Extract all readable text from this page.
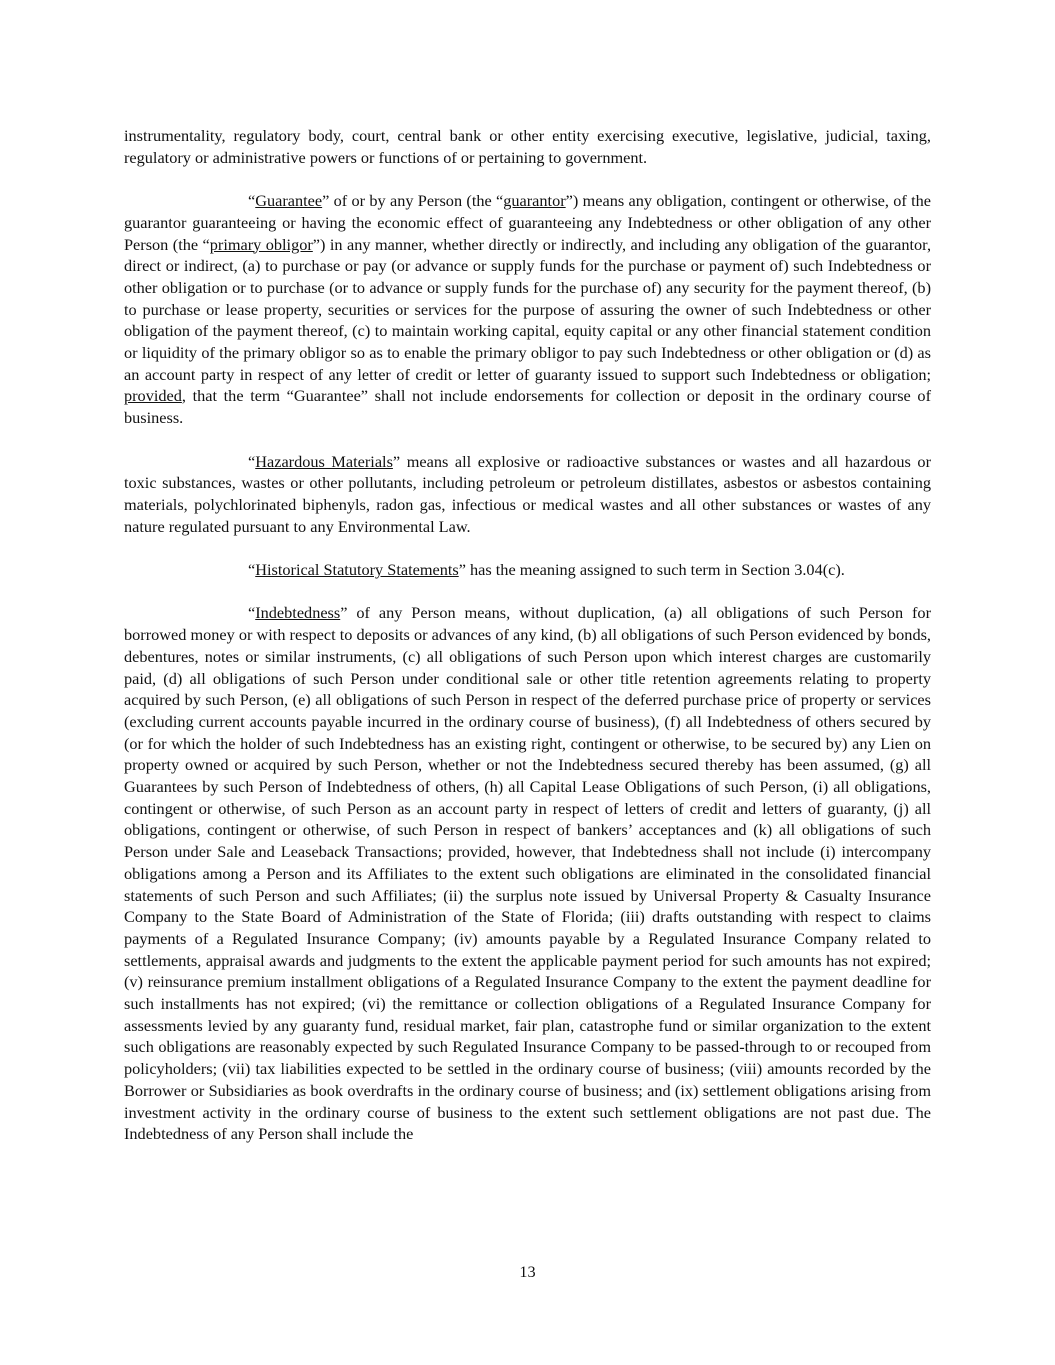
instrumentality, regulatory body, court, central bank or other entity exercising executive, legislative, judicial, taxing, regulatory or administrative powers or functions of or pertaining to government.

“Guarantee” of or by any Person (the “guarantor”) means any obligation, contingent or otherwise, of the guarantor guaranteeing or having the economic effect of guaranteeing any Indebtedness or other obligation of any other Person (the “primary obligor”) in any manner, whether directly or indirectly, and including any obligation of the guarantor, direct or indirect, (a) to purchase or pay (or advance or supply funds for the purchase or payment of) such Indebtedness or other obligation or to purchase (or to advance or supply funds for the purchase of) any security for the payment thereof, (b) to purchase or lease property, securities or services for the purpose of assuring the owner of such Indebtedness or other obligation of the payment thereof, (c) to maintain working capital, equity capital or any other financial statement condition or liquidity of the primary obligor so as to enable the primary obligor to pay such Indebtedness or other obligation or (d) as an account party in respect of any letter of credit or letter of guaranty issued to support such Indebtedness or obligation; provided, that the term “Guarantee” shall not include endorsements for collection or deposit in the ordinary course of business.

“Hazardous Materials” means all explosive or radioactive substances or wastes and all hazardous or toxic substances, wastes or other pollutants, including petroleum or petroleum distillates, asbestos or asbestos containing materials, polychlorinated biphenyls, radon gas, infectious or medical wastes and all other substances or wastes of any nature regulated pursuant to any Environmental Law.

“Historical Statutory Statements” has the meaning assigned to such term in Section 3.04(c).

“Indebtedness” of any Person means, without duplication, (a) all obligations of such Person for borrowed money or with respect to deposits or advances of any kind, (b) all obligations of such Person evidenced by bonds, debentures, notes or similar instruments, (c) all obligations of such Person upon which interest charges are customarily paid, (d) all obligations of such Person under conditional sale or other title retention agreements relating to property acquired by such Person, (e) all obligations of such Person in respect of the deferred purchase price of property or services (excluding current accounts payable incurred in the ordinary course of business), (f) all Indebtedness of others secured by (or for which the holder of such Indebtedness has an existing right, contingent or otherwise, to be secured by) any Lien on property owned or acquired by such Person, whether or not the Indebtedness secured thereby has been assumed, (g) all Guarantees by such Person of Indebtedness of others, (h) all Capital Lease Obligations of such Person, (i) all obligations, contingent or otherwise, of such Person as an account party in respect of letters of credit and letters of guaranty, (j) all obligations, contingent or otherwise, of such Person in respect of bankers’ acceptances and (k) all obligations of such Person under Sale and Leaseback Transactions; provided, however, that Indebtedness shall not include (i) intercompany obligations among a Person and its Affiliates to the extent such obligations are eliminated in the consolidated financial statements of such Person and such Affiliates; (ii) the surplus note issued by Universal Property & Casualty Insurance Company to the State Board of Administration of the State of Florida; (iii) drafts outstanding with respect to claims payments of a Regulated Insurance Company; (iv) amounts payable by a Regulated Insurance Company related to settlements, appraisal awards and judgments to the extent the applicable payment period for such amounts has not expired; (v) reinsurance premium installment obligations of a Regulated Insurance Company to the extent the payment deadline for such installments has not expired; (vi) the remittance or collection obligations of a Regulated Insurance Company for assessments levied by any guaranty fund, residual market, fair plan, catastrophe fund or similar organization to the extent such obligations are reasonably expected by such Regulated Insurance Company to be passed-through to or recouped from policyholders; (vii) tax liabilities expected to be settled in the ordinary course of business; (viii) amounts recorded by the Borrower or Subsidiaries as book overdrafts in the ordinary course of business; and (ix) settlement obligations arising from investment activity in the ordinary course of business to the extent such settlement obligations are not past due. The Indebtedness of any Person shall include the

13
